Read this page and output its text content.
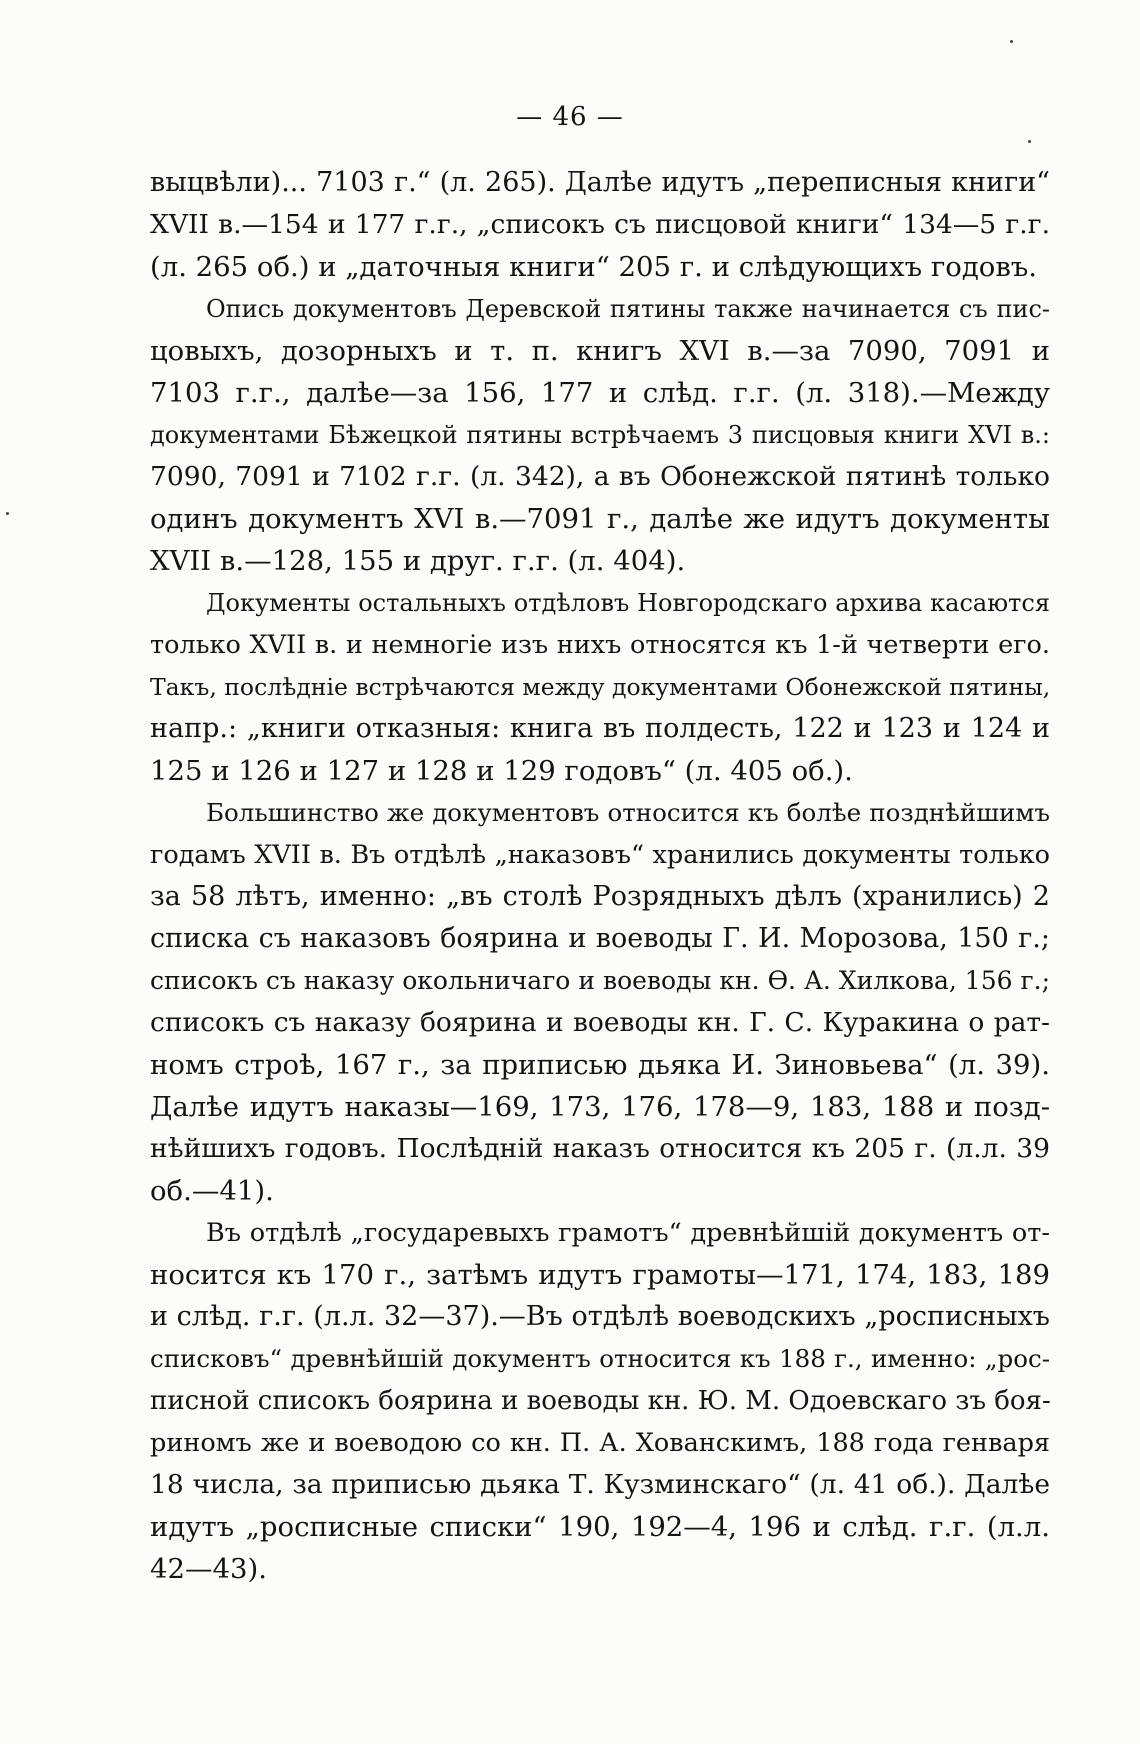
— 46 —
выцвѣли)... 7103 г.“ (л. 265). Далѣе идутъ „переписныя книги“
XVII в.—154 и 177 г.г., „списокъ съ писцовой книги“ 134—5 г.г.
(л. 265 об.) и „даточныя книги“ 205 г. и слѣдующихъ годовъ.
Опись документовъ Деревской пятины также начинается съ пис-
цовыхъ, дозорныхъ и т. п. книгъ XVI в.—за 7090, 7091 и
7103 г.г., далѣе—за 156, 177 и слѣд. г.г. (л. 318).—Между
документами Бѣжецкой пятины встрѣчаемъ 3 писцовыя книги XVI в.:
7090, 7091 и 7102 г.г. (л. 342), а въ Обонежской пятинѣ только
одинъ документъ XVI в.—7091 г., далѣе же идутъ документы
XVII в.—128, 155 и друг. г.г. (л. 404).
Документы остальныхъ отдѣловъ Новгородскаго архива касаются
только XVII в. и немногіе изъ нихъ относятся къ 1-й четверти его.
Такъ, послѣдніе встрѣчаются между документами Обонежской пятины,
напр.: „книги отказныя: книга въ полдесть, 122 и 123 и 124 и
125 и 126 и 127 и 128 и 129 годовъ“ (л. 405 об.).
Большинство же документовъ относится къ болѣе позднѣйшимъ
годамъ XVII в. Въ отдѣлѣ „наказовъ“ хранились документы только
за 58 лѣтъ, именно: „въ столѣ Розрядныхъ дѣлъ (хранились) 2
списка съ наказовъ боярина и воеводы Г. И. Морозова, 150 г.;
списокъ съ наказу окольничаго и воеводы кн. Ѳ. А. Хилкова, 156 г.;
списокъ съ наказу боярина и воеводы кн. Г. С. Куракина о рат-
номъ строѣ, 167 г., за приписью дьяка И. Зиновьева“ (л. 39).
Далѣе идутъ наказы—169, 173, 176, 178—9, 183, 188 и позд-
нѣйшихъ годовъ. Послѣдній наказъ относится къ 205 г. (л.л. 39
об.—41).
Въ отдѣлѣ „государевыхъ грамотъ“ древнѣйшій документъ от-
носится къ 170 г., затѣмъ идутъ грамоты—171, 174, 183, 189
и слѣд. г.г. (л.л. 32—37).—Въ отдѣлѣ воеводскихъ „росписныхъ
списковъ“ древнѣйшій документъ относится къ 188 г., именно: „рос-
писной списокъ боярина и воеводы кн. Ю. М. Одоевскаго зъ боя-
риномъ же и воеводою со кн. П. А. Хованскимъ, 188 года генваря
18 числа, за приписью дьяка Т. Кузминскаго“ (л. 41 об.). Далѣе
идутъ „росписные списки“ 190, 192—4, 196 и слѣд. г.г. (л.л.
42—43).
